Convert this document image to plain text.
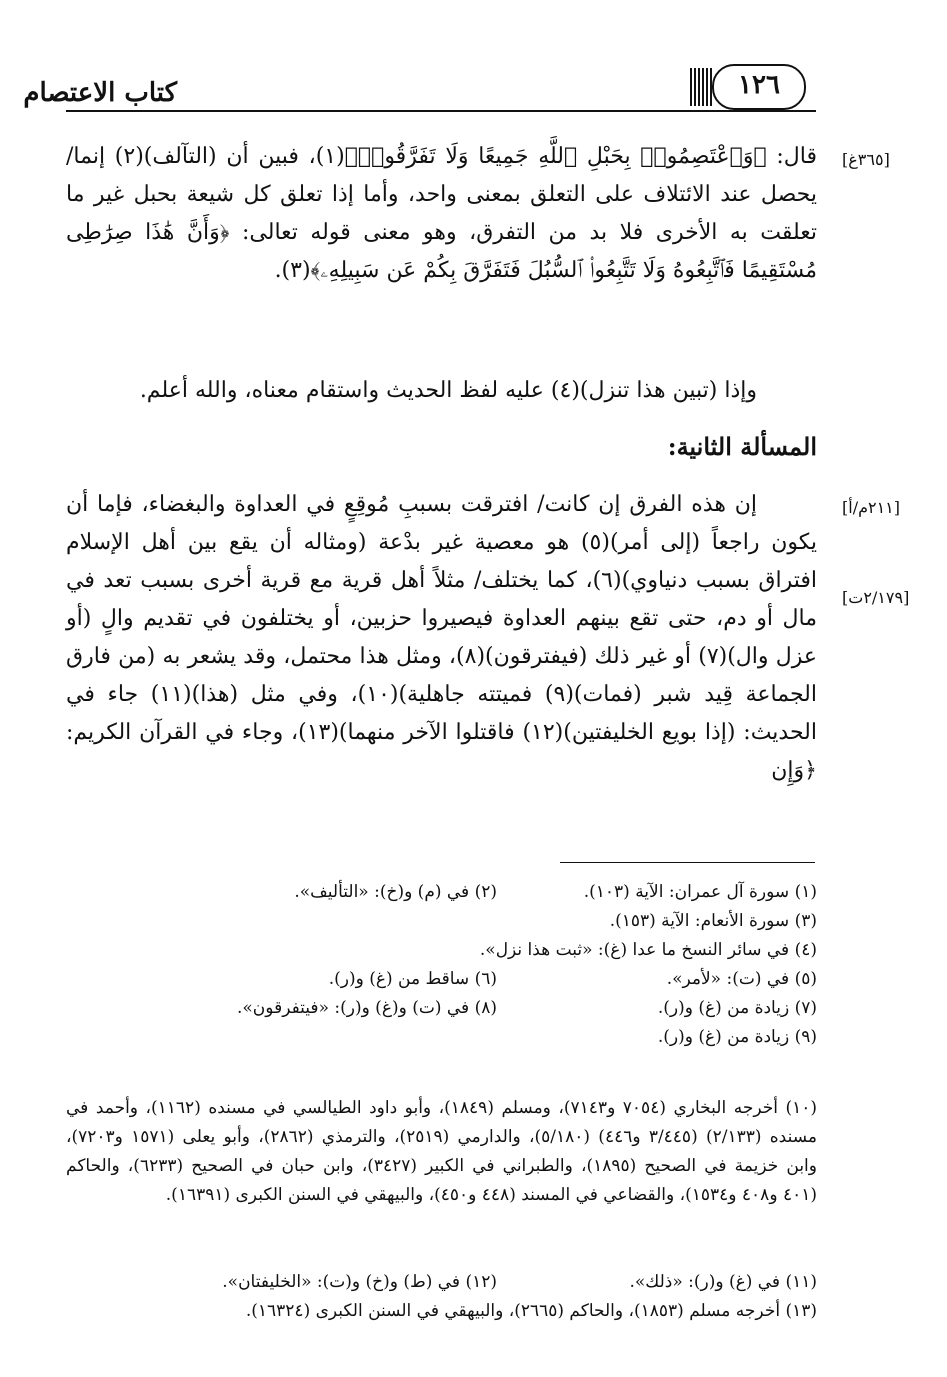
كتاب الاعتصام	١٢٦
[٣٦٥غ]
[٢١١م/أ]
[٢/١٧٩ت]

قال: ﴿وَٱعْتَصِمُوا۟ بِحَبْلِ ٱللَّهِ جَمِيعًا وَلَا تَفَرَّقُوا۟﴾(١)، فبين أن (التآلف)(٢) إنما/ يحصل عند الائتلاف على التعلق بمعنى واحد، وأما إذا تعلق كل شيعة بحبل غير ما تعلقت به الأخرى فلا بد من التفرق، وهو معنى قوله تعالى: ﴿وَأَنَّ هَٰذَا صِرَٰطِى مُسْتَقِيمًا فَٱتَّبِعُوهُ وَلَا تَتَّبِعُوا۟ ٱلسُّبُلَ فَتَفَرَّقَ بِكُمْ عَن سَبِيلِهِۦ﴾(٣).

وإذا (تبين هذا تنزل)(٤) عليه لفظ الحديث واستقام معناه، والله أعلم.

المسألة الثانية:

إن هذه الفرق إن كانت/ افترقت بسببِ مُوقِعٍ في العداوة والبغضاء، فإما أن يكون راجعاً (إلى أمر)(٥) هو معصية غير بدْعة (ومثاله أن يقع بين أهل الإسلام افتراق بسبب دنياوي)(٦)، كما يختلف/ مثلاً أهل قرية مع قرية أخرى بسبب تعد في مال أو دم، حتى تقع بينهم العداوة فيصيروا حزبين، أو يختلفون في تقديم والٍ (أو عزل وال)(٧) أو غير ذلك (فيفترقون)(٨)، ومثل هذا محتمل، وقد يشعر به (من فارق الجماعة قِيد شبر (فمات)(٩) فميتته جاهلية)(١٠)، وفي مثل (هذا)(١١) جاء في الحديث: (إذا بويع الخليفتين)(١٢) فاقتلوا الآخر منهما)(١٣)، وجاء في القرآن الكريم: ﴿وَإِن

(١) سورة آل عمران: الآية (١٠٣).
(٢) في (م) و(خ): «التأليف».
(٣) سورة الأنعام: الآية (١٥٣).
(٤) في سائر النسخ ما عدا (غ): «ثبت هذا نزل».
(٥) في (ت): «لأمر».
(٦) ساقط من (غ) و(ر).
(٧) زيادة من (غ) و(ر).
(٨) في (ت) و(غ) و(ر): «فيتفرقون».
(٩) زيادة من (غ) و(ر).
(١٠) أخرجه البخاري (٧٠٥٤ و٧١٤٣)، ومسلم (١٨٤٩)، وأبو داود الطيالسي في مسنده (١١٦٢)، وأحمد في مسنده (٢/١٣٣) (٣/٤٤٥ و٤٤٦) (٥/١٨٠)، والدارمي (٢٥١٩)، والترمذي (٢٨٦٢)، وأبو يعلى (١٥٧١ و٧٢٠٣)، وابن خزيمة في الصحيح (١٨٩٥)، والطبراني في الكبير (٣٤٢٧)، وابن حبان في الصحيح (٦٢٣٣)، والحاكم (٤٠١ و٤٠٨ و١٥٣٤)، والقضاعي في المسند (٤٤٨ و٤٥٠)، والبيهقي في السنن الكبرى (١٦٣٩١).
(١١) في (غ) و(ر): «ذلك».
(١٢) في (ط) و(خ) و(ت): «الخليفتان».
(١٣) أخرجه مسلم (١٨٥٣)، والحاكم (٢٦٦٥)، والبيهقي في السنن الكبرى (١٦٣٢٤).
